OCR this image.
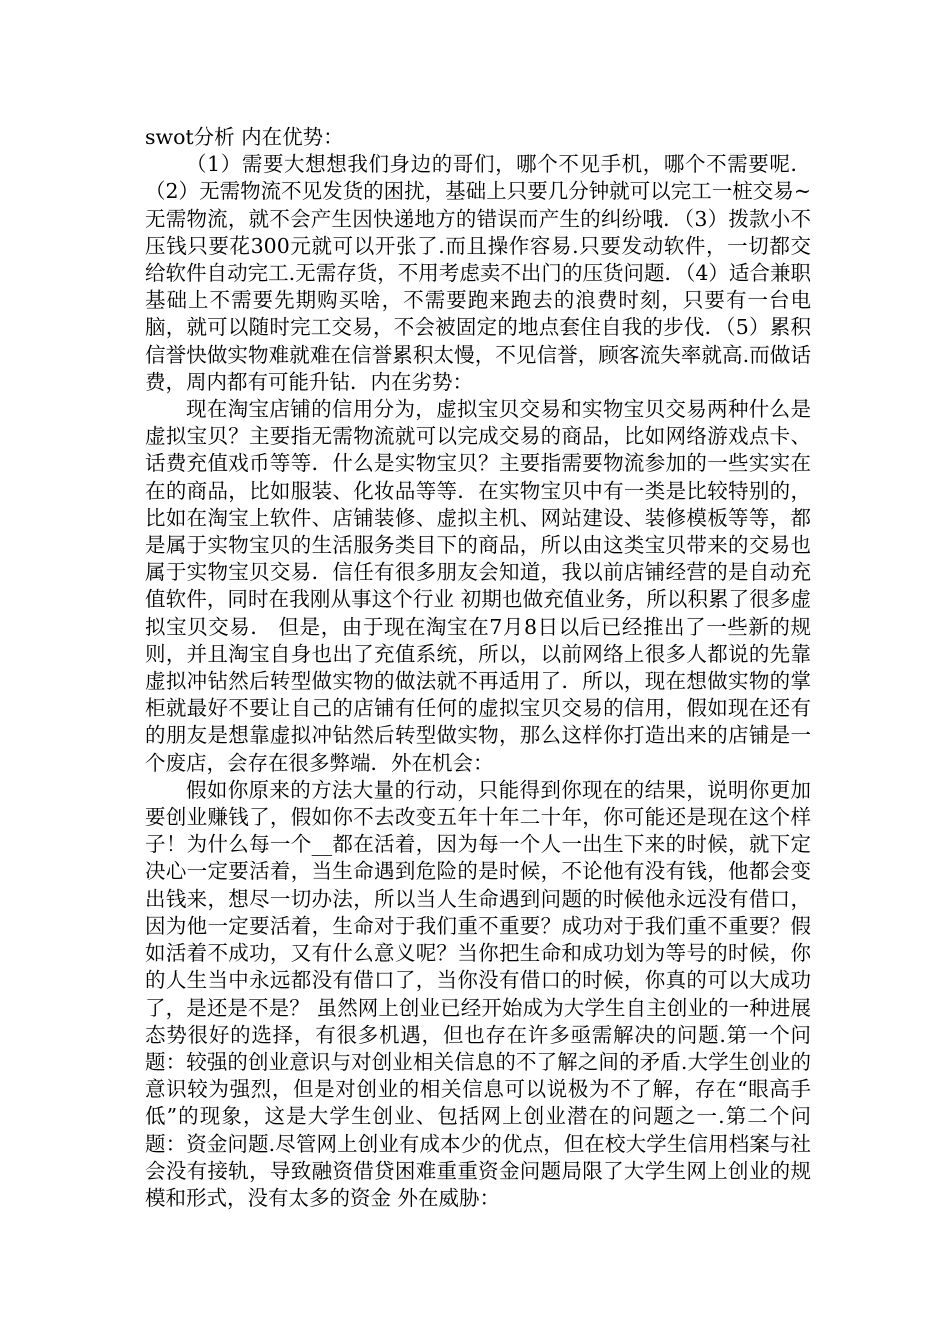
swot分析 内在优势：

（1）需要大想想我们身边的哥们，哪个不见手机，哪个不需要呢．（2）无需物流不见发货的困扰，基础上只要几分钟就可以完工一桩交易~无需物流，就不会产生因快递地方的错误而产生的纠纷哦．（3）拨款小不压钱只要花300元就可以开张了.而且操作容易.只要发动软件，一切都交给软件自动完工.无需存货，不用考虑卖不出门的压货问题．（4）适合兼职基础上不需要先期购买啥，不需要跑来跑去的浪费时刻，只要有一台电脑，就可以随时完工交易，不会被固定的地点套住自我的步伐．（5）累积信誉快做实物难就难在信誉累积太慢，不见信誉，顾客流失率就高.而做话费，周内都有可能升钻．内在劣势：

现在淘宝店铺的信用分为，虚拟宝贝交易和实物宝贝交易两种什么是虚拟宝贝？主要指无需物流就可以完成交易的商品，比如网络游戏点卡、话费充值戏币等等．什么是实物宝贝？主要指需要物流参加的一些实实在在的商品，比如服装、化妆品等等．在实物宝贝中有一类是比较特别的，比如在淘宝上软件、店铺装修、虚拟主机、网站建设、装修模板等等，都是属于实物宝贝的生活服务类目下的商品，所以由这类宝贝带来的交易也属于实物宝贝交易．信任有很多朋友会知道，我以前店铺经营的是自动充值软件，同时在我刚从事这个行业 初期也做充值业务，所以积累了很多虚拟宝贝交易． 但是，由于现在淘宝在7月8日以后已经推出了一些新的规则，并且淘宝自身也出了充值系统，所以，以前网络上很多人都说的先靠虚拟冲钻然后转型做实物的做法就不再适用了．所以，现在想做实物的掌柜就最好不要让自己的店铺有任何的虚拟宝贝交易的信用，假如现在还有的朋友是想靠虚拟冲钻然后转型做实物，那么这样你打造出来的店铺是一个废店，会存在很多弊端．外在机会：

假如你原来的方法大量的行动，只能得到你现在的结果，说明你更加要创业赚钱了，假如你不去改变五年十年二十年，你可能还是现在这个样子！为什么每一个__都在活着，因为每一个人一出生下来的时候，就下定决心一定要活着，当生命遇到危险的是时候，不论他有没有钱，他都会变出钱来，想尽一切办法，所以当人生命遇到问题的时候他永远没有借口，因为他一定要活着，生命对于我们重不重要？成功对于我们重不重要？假如活着不成功，又有什么意义呢？当你把生命和成功划为等号的时候，你的人生当中永远都没有借口了，当你没有借口的时候，你真的可以大成功了，是还是不是？ 虽然网上创业已经开始成为大学生自主创业的一种进展态势很好的选择，有很多机遇，但也存在许多亟需解决的问题.第一个问题：较强的创业意识与对创业相关信息的不了解之间的矛盾.大学生创业的意识较为强烈，但是对创业的相关信息可以说极为不了解，存在“眼高手低”的现象，这是大学生创业、包括网上创业潜在的问题之一.第二个问题：资金问题.尽管网上创业有成本少的优点，但在校大学生信用档案与社会没有接轨，导致融资借贷困难重重资金问题局限了大学生网上创业的规模和形式，没有太多的资金 外在威胁：
